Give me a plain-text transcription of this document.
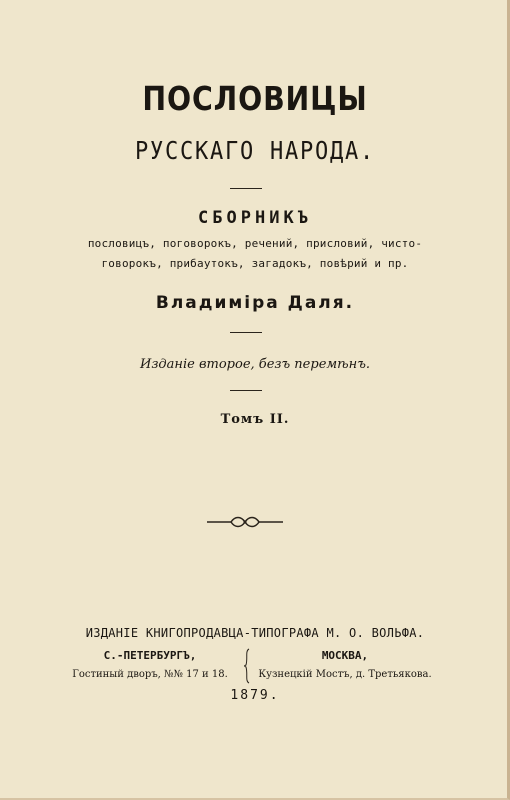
ПОСЛОВИЦЫ
РУССКАГО НАРОДА.
СБОРНИКЪ
пословицъ, поговорокъ, речений, присловий, чисто-
говорокъ, прибаутокъ, загадокъ, повѣрий и пр.
Владиміра Даля.
Изданіе второе, безъ перемѣнъ.
Томъ II.
ИЗДАНІЕ КНИГОПРОДАВЦА-ТИПОГРАФА М. О. ВОЛЬФА.
С.-ПЕТЕРБУРГЪ,
Гостиный дворъ, №№ 17 и 18.
МОСКВА,
Кузнецкій Мостъ, д. Третьякова.
1879.
